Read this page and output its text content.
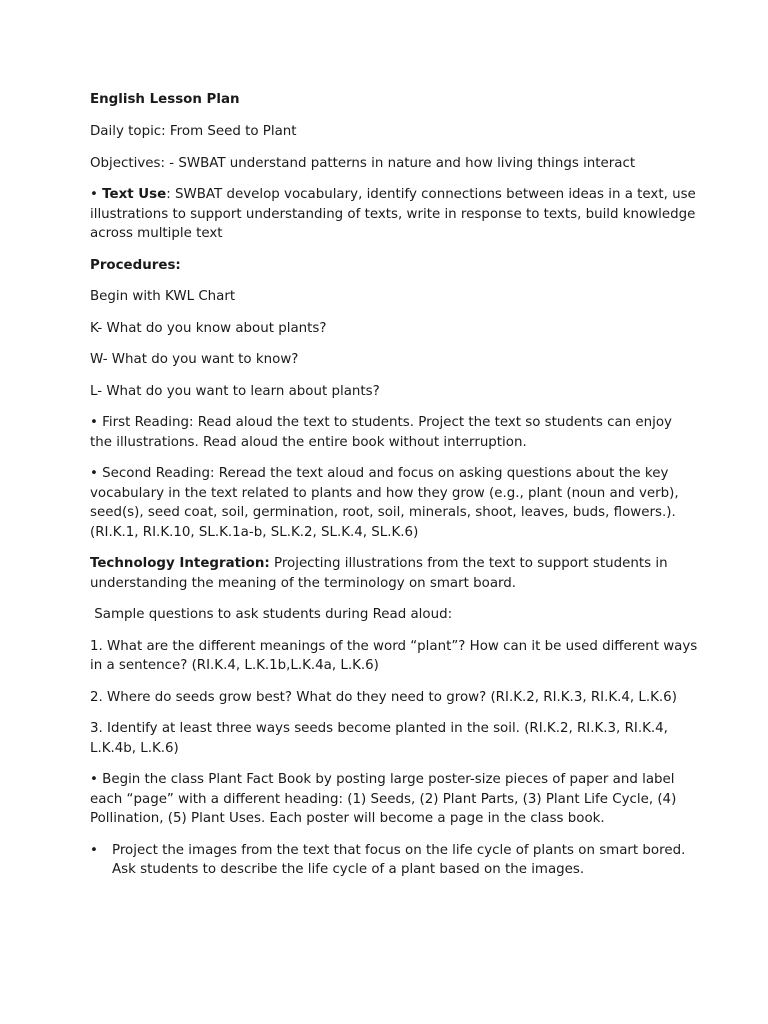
English Lesson Plan

Daily topic: From Seed to Plant

Objectives: - SWBAT understand patterns in nature and how living things interact

• Text Use: SWBAT develop vocabulary, identify connections between ideas in a text, use illustrations to support understanding of texts, write in response to texts, build knowledge across multiple text

Procedures:

Begin with KWL Chart

K- What do you know about plants?

W- What do you want to know?

L- What do you want to learn about plants?

• First Reading: Read aloud the text to students. Project the text so students can enjoy the illustrations. Read aloud the entire book without interruption.

• Second Reading: Reread the text aloud and focus on asking questions about the key vocabulary in the text related to plants and how they grow (e.g., plant (noun and verb), seed(s), seed coat, soil, germination, root, soil, minerals, shoot, leaves, buds, flowers.). (RI.K.1, RI.K.10, SL.K.1a-b, SL.K.2, SL.K.4, SL.K.6)

Technology Integration: Projecting illustrations from the text to support students in understanding the meaning of the terminology on smart board.

Sample questions to ask students during Read aloud:

1. What are the different meanings of the word “plant”? How can it be used different ways in a sentence? (RI.K.4, L.K.1b,L.K.4a, L.K.6)

2. Where do seeds grow best? What do they need to grow? (RI.K.2, RI.K.3, RI.K.4, L.K.6)

3. Identify at least three ways seeds become planted in the soil. (RI.K.2, RI.K.3, RI.K.4, L.K.4b, L.K.6)

• Begin the class Plant Fact Book by posting large poster-size pieces of paper and label each “page” with a different heading: (1) Seeds, (2) Plant Parts, (3) Plant Life Cycle, (4) Pollination, (5) Plant Uses. Each poster will become a page in the class book.

• Project the images from the text that focus on the life cycle of plants on smart bored. Ask students to describe the life cycle of a plant based on the images.
